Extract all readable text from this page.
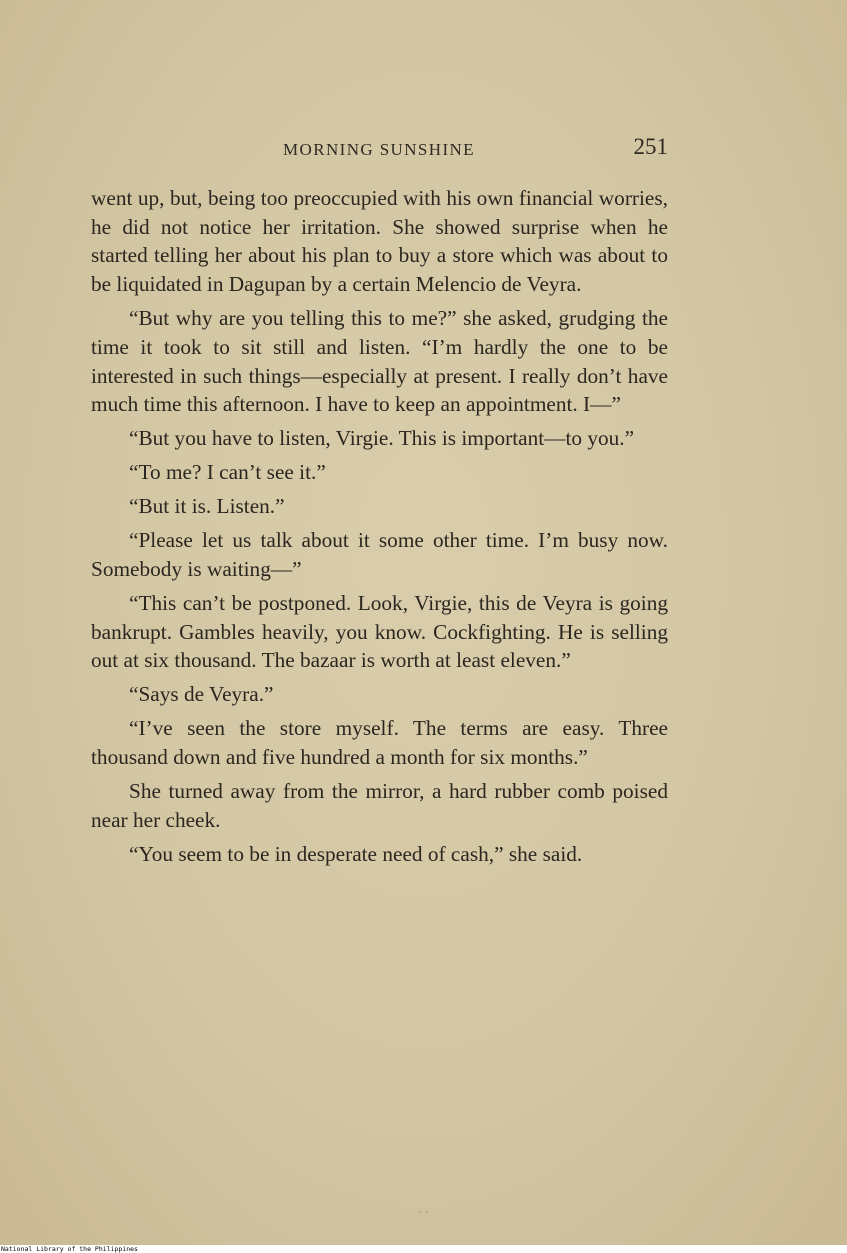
MORNING SUNSHINE	251

went up, but, being too preoccupied with his own financial worries, he did not notice her irritation. She showed surprise when he started telling her about his plan to buy a store which was about to be liquidated in Dagupan by a certain Melencio de Veyra.

“But why are you telling this to me?” she asked, grudging the time it took to sit still and listen. “I’m hardly the one to be interested in such things—especially at present. I really don’t have much time this afternoon. I have to keep an appointment. I—”

“But you have to listen, Virgie. This is important—to you.”

“To me? I can’t see it.”

“But it is. Listen.”

“Please let us talk about it some other time. I’m busy now. Somebody is waiting—”

“This can’t be postponed. Look, Virgie, this de Veyra is going bankrupt. Gambles heavily, you know. Cockfighting. He is selling out at six thousand. The bazaar is worth at least eleven.”

“Says de Veyra.”

“I’ve seen the store myself. The terms are easy. Three thousand down and five hundred a month for six months.”

She turned away from the mirror, a hard rubber comb poised near her cheek.

“You seem to be in desperate need of cash,” she said.

••
National Library of the Philippines
